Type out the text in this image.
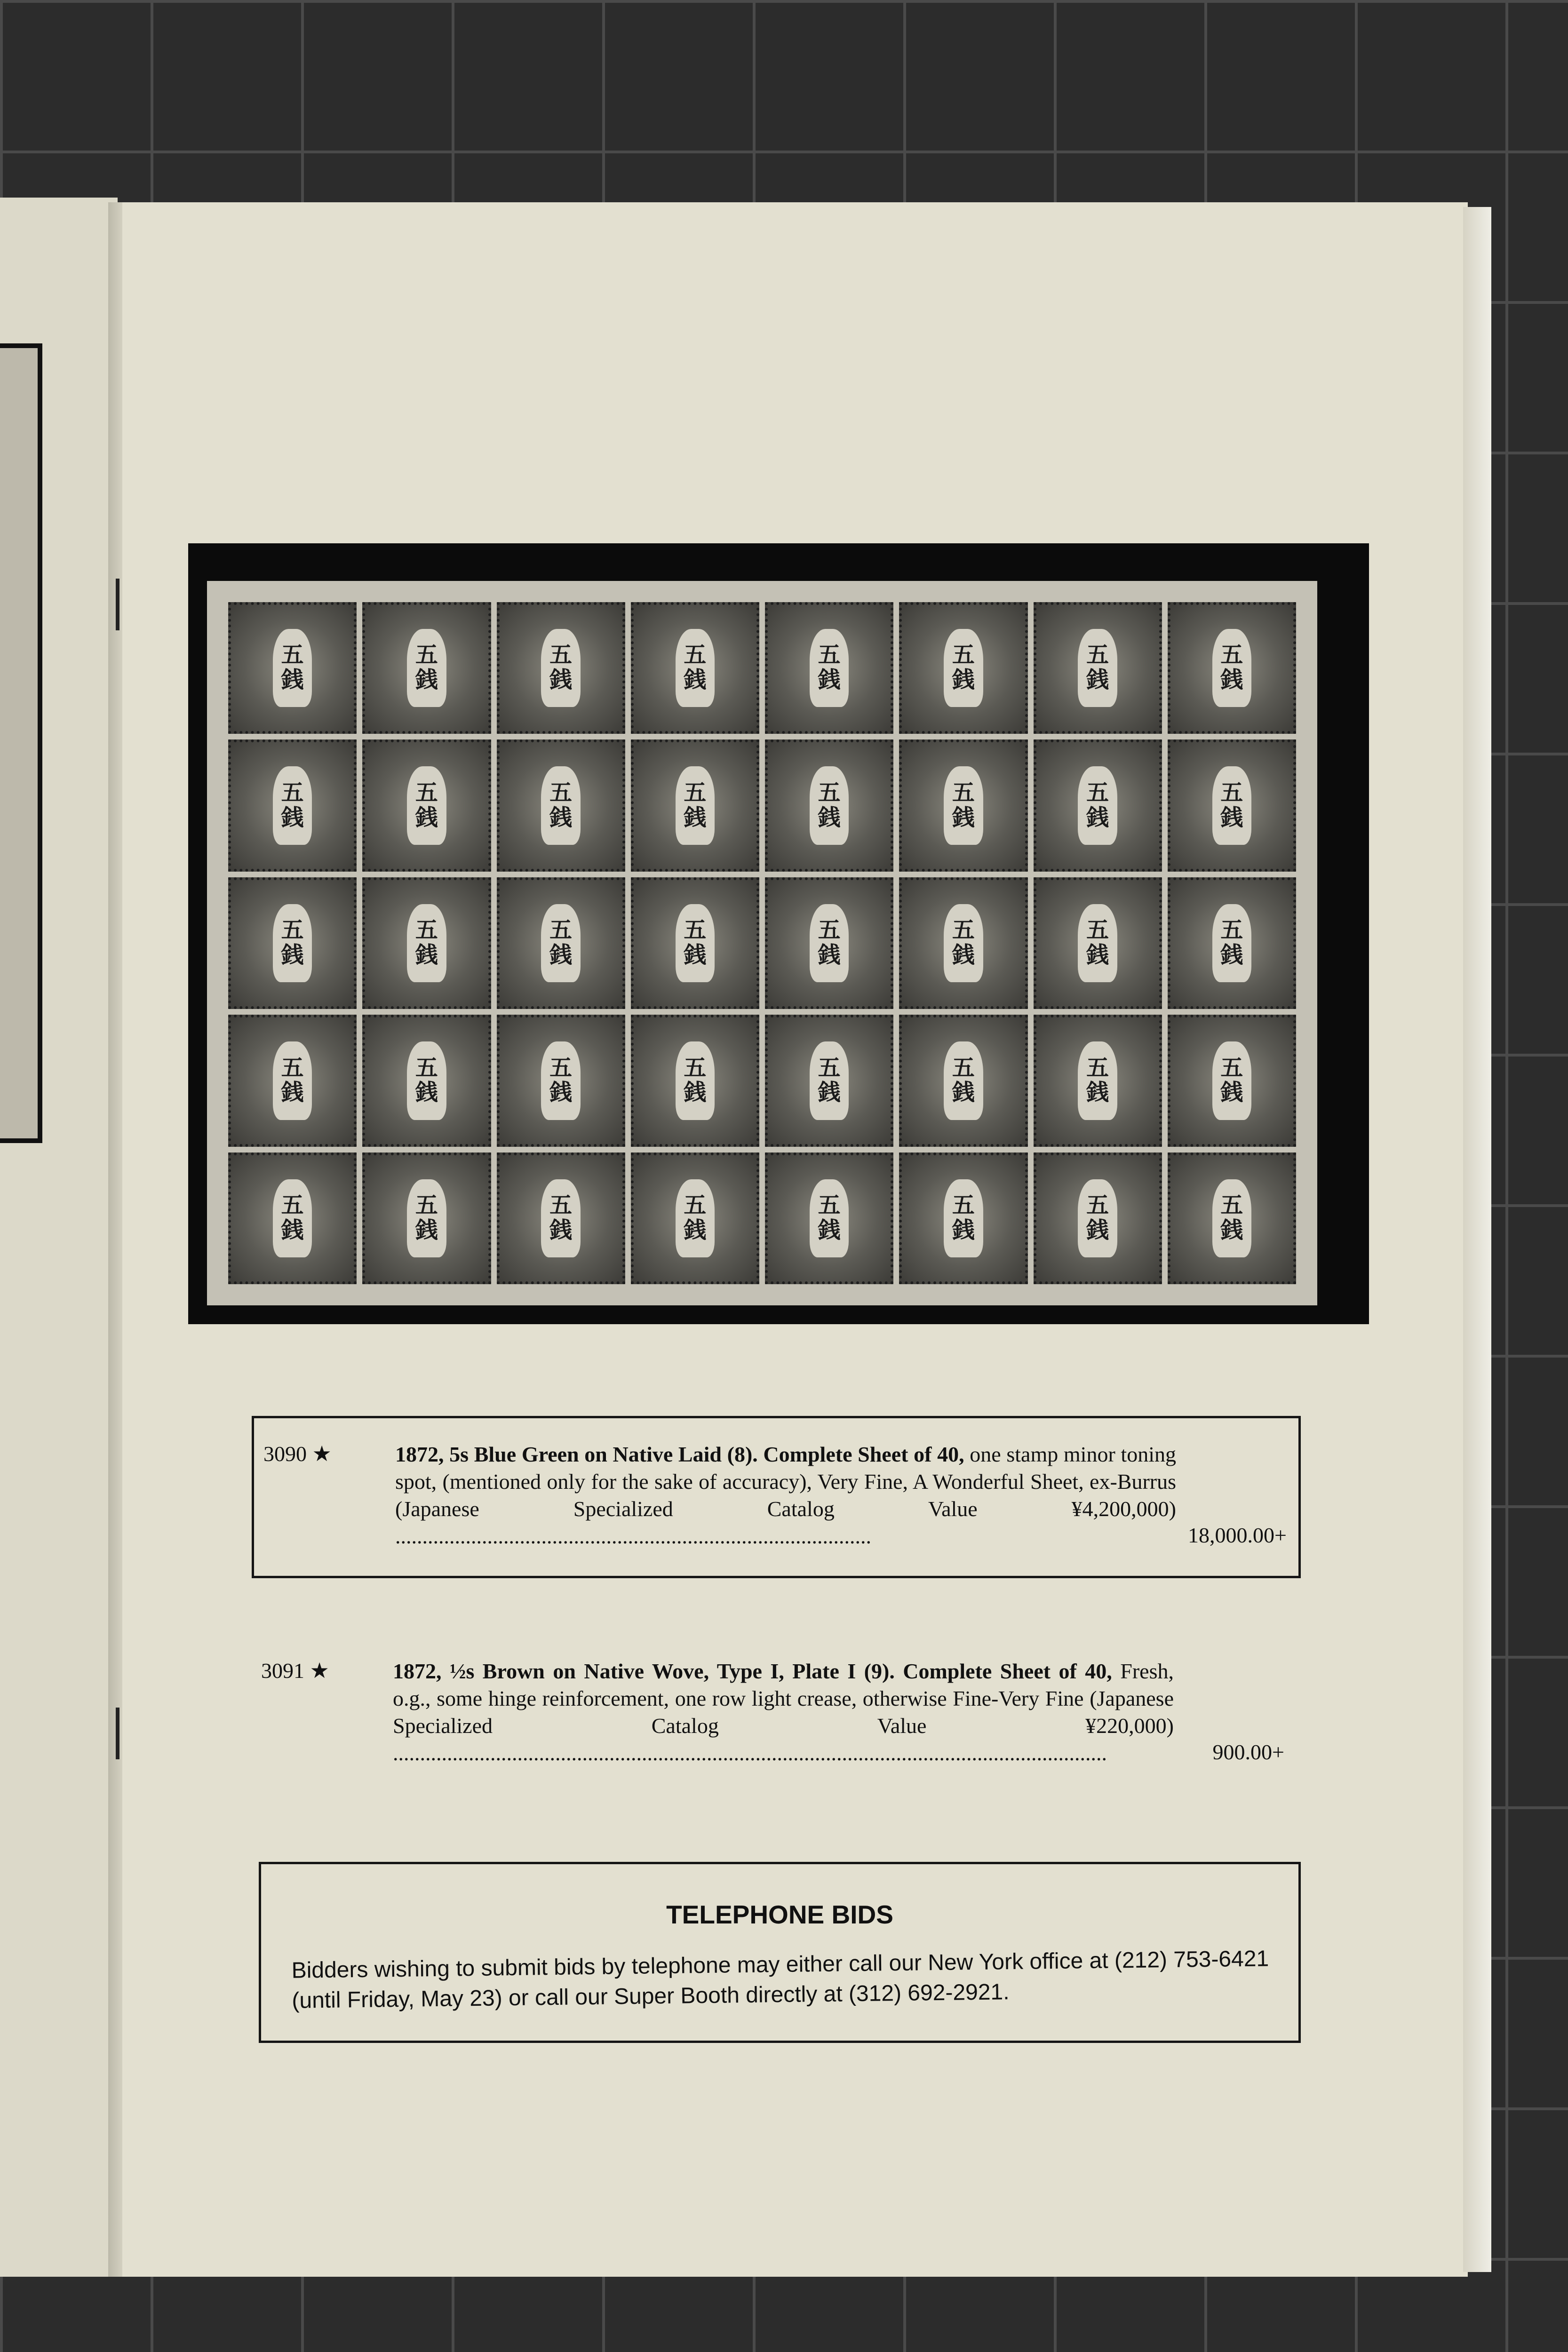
五
銭
五
銭
五
銭
五
銭
五
銭
五
銭
五
銭
五
銭
五
銭
五
銭
五
銭
五
銭
五
銭
五
銭
五
銭
五
銭
五
銭
五
銭
五
銭
五
銭
五
銭
五
銭
五
銭
五
銭
五
銭
五
銭
五
銭
五
銭
五
銭
五
銭
五
銭
五
銭
五
銭
五
銭
五
銭
五
銭
五
銭
五
銭
五
銭
五
銭
3090 ★	1872, 5s Blue Green on Native Laid (8). Complete Sheet of 40, one stamp minor toning spot, (mentioned only for the sake of accuracy), Very Fine, A Wonderful Sheet, ex-Burrus (Japanese Specialized Catalog Value ¥4,200,000)........................................................................................	18,000.00+
3091 ★	1872, ½s Brown on Native Wove, Type I, Plate I (9). Complete Sheet of 40, Fresh, o.g., some hinge reinforcement, one row light crease, otherwise Fine-Very Fine (Japanese Specialized Catalog Value ¥220,000)....................................................................................................................................	900.00+
TELEPHONE BIDS
Bidders wishing to submit bids by telephone may either call our New York office at (212) 753-6421 (until Friday, May 23) or call our Super Booth directly at (312) 692-2921.
